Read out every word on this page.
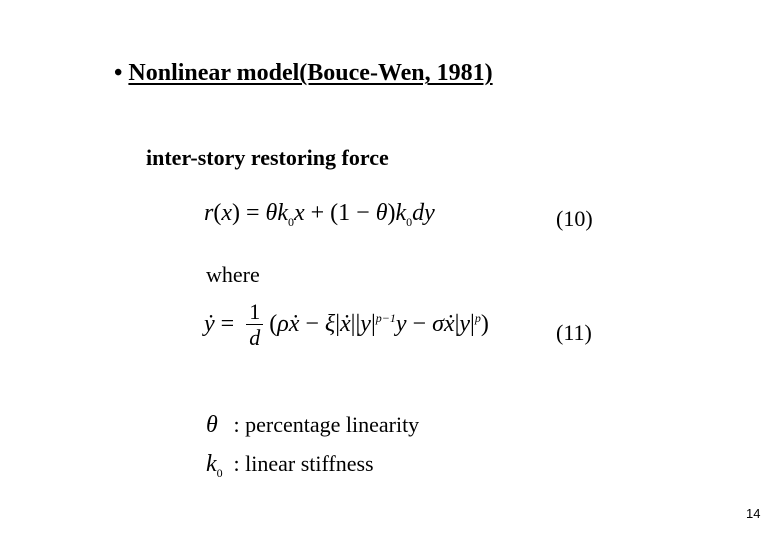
• Nonlinear model(Bouce-Wen, 1981)
inter-story restoring force
$r(x) = \theta k_0x + (1 - \theta)k_0dy$	(10)
where
ẏ = $\frac{1}{d}$ (ρẋ − $\xi|ẋ||y|^{p-1}y$ − $\sigma ẋ|y|^p$)	(11)
θ : percentage linearity
$k_0$ : linear stiffness
14
